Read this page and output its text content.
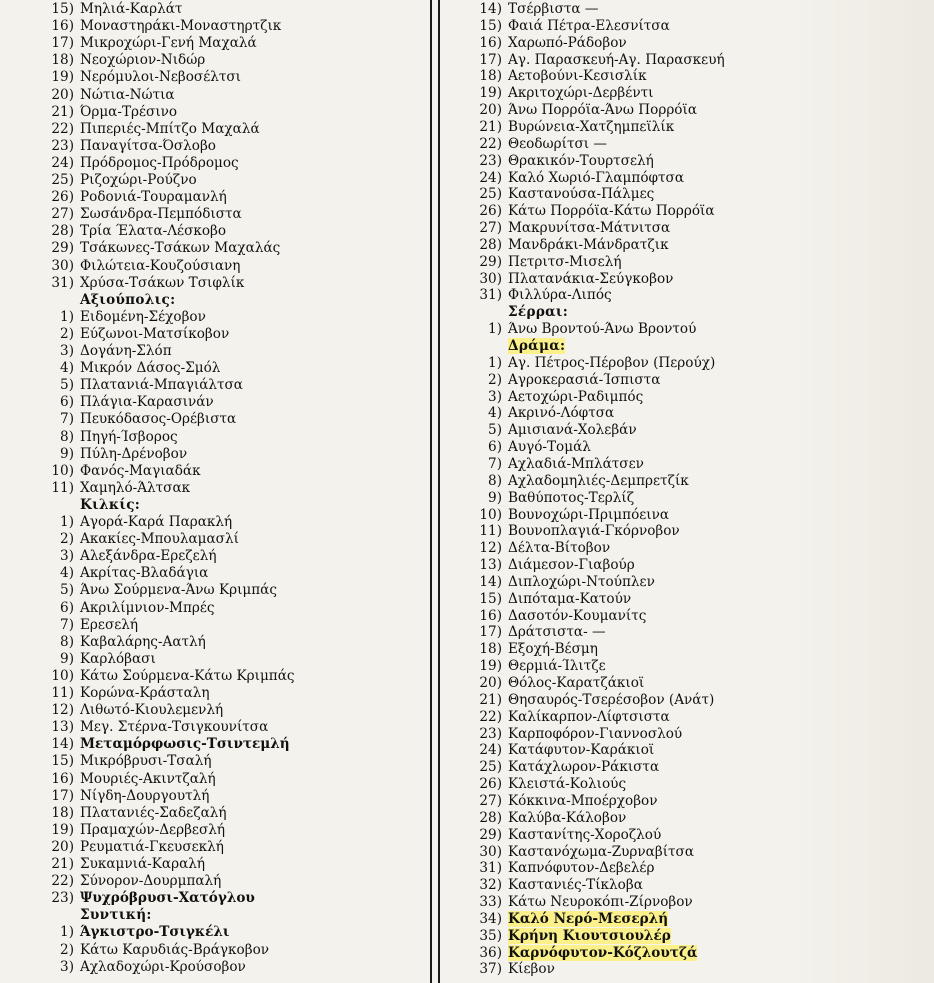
15) Μηλιά-Καρλάτ
16) Μοναστηράκι-Μοναστηρτζικ
17) Μικροχώρι-Γενή Μαχαλά
18) Νεοχώριον-Νιδώρ
19) Νερόμυλοι-Νεβοσέλτσι
20) Νώτια-Νώτια
21) Όρμα-Τρέσινο
22) Πιπεριές-Μπίτζο Μαχαλά
23) Παναγίτσα-Όσλοβο
24) Πρόδρομος-Πρόδρομος
25) Ριζοχώρι-Ρούζνο
26) Ροδονιά-Τουραμανλή
27) Σωσάνδρα-Πεμπόδιστα
28) Τρία Έλατα-Λέσκοβο
29) Τσάκωνες-Τσάκων Μαχαλάς
30) Φιλώτεια-Κουζούσιανη
31) Χρύσα-Τσάκων Τσιφλίκ
Αξιούπολις:
1) Ειδομένη-Σέχοβον
2) Εύζωνοι-Ματσίκοβον
3) Δογάνη-Σλόπ
4) Μικρόν Δάσος-Σμόλ
5) Πλατανιά-Μπαγιάλτσα
6) Πλάγια-Καρασινάν
7) Πευκόδασος-Ορέβιστα
8) Πηγή-Ίσβορος
9) Πύλη-Δρένοβον
10) Φανός-Μαγιαδάκ
11) Χαμηλό-Άλτσακ
Κιλκίς:
1) Αγορά-Καρά Παρακλή
2) Ακακίες-Μπουλαμασλί
3) Αλεξάνδρα-Ερεζελή
4) Ακρίτας-Βλαδάγια
5) Άνω Σούρμενα-Άνω Κριμπάς
6) Ακριλίμνιον-Μπρές
7) Ερεσελή
8) Καβαλάρης-Αατλή
9) Καρλόβασι
10) Κάτω Σούρμενα-Κάτω Κριμπάς
11) Κορώνα-Κράσταλη
12) Λιθωτό-Κιουλεμενλή
13) Μεγ. Στέρνα-Τσιγκουνίτσα
14) Μεταμόρφωσις-Τσιντεμλή
15) Μικρόβρυσι-Τσαλή
16) Μουριές-Ακιντζαλή
17) Νίγδη-Δουργουτλή
18) Πλατανιές-Σαδεζαλή
19) Πραμαχών-Δερβεσλή
20) Ρευματιά-Γκευσεκλή
21) Συκαμνιά-Καραλή
22) Σύνορον-Δουρμπαλή
23) Ψυχρόβρυσι-Χατόγλου
Συντική:
1) Άγκιστρο-Τσιγκέλι
2) Κάτω Καρυδιάς-Βράγκοβον
3) Αχλαδοχώρι-Κρούσοβον
14) Τσέρβιστα —
15) Φαιά Πέτρα-Ελεσνίτσα
16) Χαρωπό-Ράδοβον
17) Αγ. Παρασκευή-Αγ. Παρασκευή
18) Αετοβούνι-Κεσισλίκ
19) Ακριτοχώρι-Δερβέντι
20) Άνω Πορρόϊα-Άνω Πορρόϊα
21) Βυρώνεια-Χατζημπεϊλίκ
22) Θεοδωρίτσι —
23) Θρακικόν-Τουρτσελή
24) Καλό Χωριό-Γλαμπόφτσα
25) Καστανούσα-Πάλμες
26) Κάτω Πορρόϊα-Κάτω Πορρόϊα
27) Μακρυνίτσα-Μάτνιτσα
28) Μανδράκι-Μάνδρατζικ
29) Πετριτσ-Μισελή
30) Πλατανάκια-Σεύγκοβον
31) Φιλλύρα-Λιπός
Σέρραι:
1) Άνω Βροντού-Άνω Βροντού
Δράμα:
1) Αγ. Πέτρος-Πέροβον (Περούχ)
2) Αγροκερασιά-Ίσπιστα
3) Αετοχώρι-Ραδιμπός
4) Ακρινό-Λόφτσα
5) Αμισιανά-Χολεβάν
6) Αυγό-Τομάλ
7) Αχλαδιά-Μπλάτσεν
8) Αχλαδομηλιές-Δεμπρετζίκ
9) Βαθύποτος-Τερλίζ
10) Βουνοχώρι-Πριμπόεινα
11) Βουνοπλαγιά-Γκόρνοβον
12) Δέλτα-Βίτοβον
13) Διάμεσον-Γιαβούρ
14) Διπλοχώρι-Ντούπλεν
15) Διπόταμα-Κατούν
16) Δασοτόν-Κουμανίτς
17) Δράτσιστα- —
18) Εξοχή-Βέσμη
19) Θερμιά-Ίλιτζε
20) Θόλος-Καρατζάκιοϊ
21) Θησαυρός-Τσερέσοβον (Ανάτ)
22) Καλίκαρπον-Λίφτσιστα
23) Καρποφόρον-Γιαννοσλού
24) Κατάφυτον-Καράκιοϊ
25) Κατάχλωρον-Ράκιστα
26) Κλειστά-Κολιούς
27) Κόκκινα-Μποέρχοβον
28) Καλύβα-Κάλοβον
29) Καστανίτης-Χοροζλού
30) Καστανόχωμα-Ζυρναβίτσα
31) Καπνόφυτον-Δεβελέρ
32) Καστανιές-Τίκλοβα
33) Κάτω Νευροκόπι-Ζίρνοβον
34) Καλό Νερό-Μεσερλή
35) Κρήνη Κιουτσιουλέρ
36) Καρνόφυτον-Κόζλουτζά
37) Κίεβον
